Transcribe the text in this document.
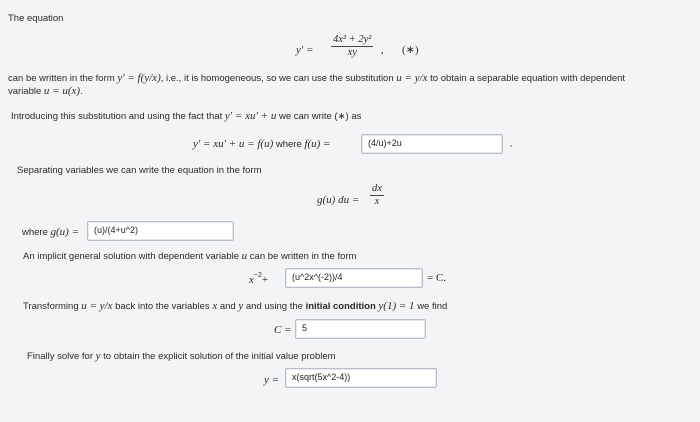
The equation
y′ =
4x² + 2y²
xy , (∗)
can be written in the form y′ = f(y/x), i.e., it is homogeneous, so we can use the substitution u = y/x to obtain a separable equation with dependent
variable u = u(x).
Introducing this substitution and using the fact that y′ = xu′ + u we can write (∗) as
y′ = xu′ + u = f(u) where f(u) =	(4/u)+2u
Separating variables we can write the equation in the form
g(u) du =
dx
x
where g(u) = (u)/(4+u^2)
An implicit general solution with dependent variable u can be written in the form
$x^{-2}+$	(u^2x^(-2))/4	= C.
Transforming u = y/x back into the variables x and y and using the initial condition y(1) = 1 we find
C = 5
Finally solve for y to obtain the explicit solution of the initial value problem
y = x(sqrt(5x^2-4))
